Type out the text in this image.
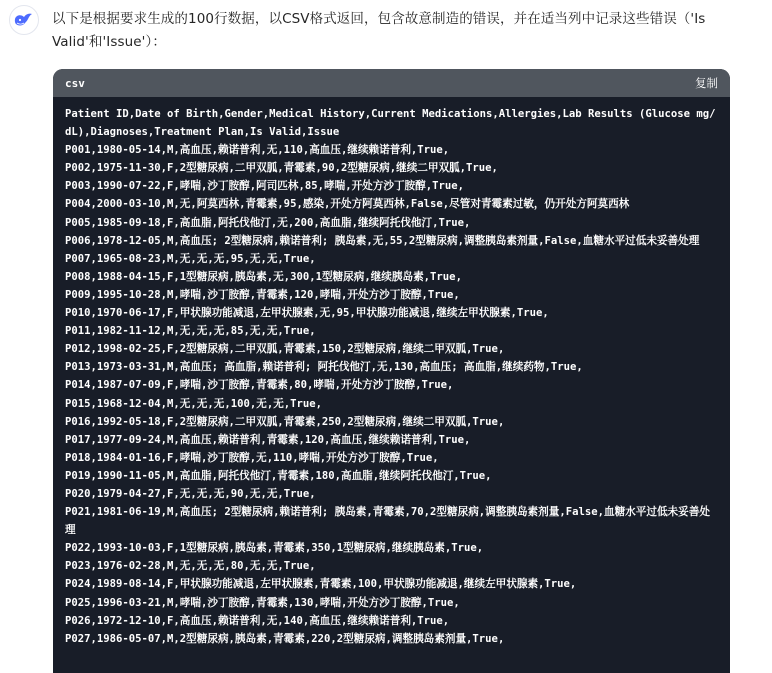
以下是根据要求生成的100行数据，以CSV格式返回，包含故意制造的错误，并在适当列中记录这些错误（'Is Valid'和'Issue'）：
csv	复制
Patient ID,Date of Birth,Gender,Medical History,Current Medications,Allergies,Lab Results (Glucose mg/dL),Diagnoses,Treatment Plan,Is Valid,Issue
P001,1980-05-14,M,高血压,赖诺普利,无,110,高血压,继续赖诺普利,True,
P002,1975-11-30,F,2型糖尿病,二甲双胍,青霉素,90,2型糖尿病,继续二甲双胍,True,
P003,1990-07-22,F,哮喘,沙丁胺醇,阿司匹林,85,哮喘,开处方沙丁胺醇,True,
P004,2000-03-10,M,无,阿莫西林,青霉素,95,感染,开处方阿莫西林,False,尽管对青霉素过敏，仍开处方阿莫西林
P005,1985-09-18,F,高血脂,阿托伐他汀,无,200,高血脂,继续阿托伐他汀,True,
P006,1978-12-05,M,高血压; 2型糖尿病,赖诺普利; 胰岛素,无,55,2型糖尿病,调整胰岛素剂量,False,血糖水平过低未妥善处理
P007,1965-08-23,M,无,无,无,95,无,无,True,
P008,1988-04-15,F,1型糖尿病,胰岛素,无,300,1型糖尿病,继续胰岛素,True,
P009,1995-10-28,M,哮喘,沙丁胺醇,青霉素,120,哮喘,开处方沙丁胺醇,True,
P010,1970-06-17,F,甲状腺功能减退,左甲状腺素,无,95,甲状腺功能减退,继续左甲状腺素,True,
P011,1982-11-12,M,无,无,无,85,无,无,True,
P012,1998-02-25,F,2型糖尿病,二甲双胍,青霉素,150,2型糖尿病,继续二甲双胍,True,
P013,1973-03-31,M,高血压; 高血脂,赖诺普利; 阿托伐他汀,无,130,高血压; 高血脂,继续药物,True,
P014,1987-07-09,F,哮喘,沙丁胺醇,青霉素,80,哮喘,开处方沙丁胺醇,True,
P015,1968-12-04,M,无,无,无,100,无,无,True,
P016,1992-05-18,F,2型糖尿病,二甲双胍,青霉素,250,2型糖尿病,继续二甲双胍,True,
P017,1977-09-24,M,高血压,赖诺普利,青霉素,120,高血压,继续赖诺普利,True,
P018,1984-01-16,F,哮喘,沙丁胺醇,无,110,哮喘,开处方沙丁胺醇,True,
P019,1990-11-05,M,高血脂,阿托伐他汀,青霉素,180,高血脂,继续阿托伐他汀,True,
P020,1979-04-27,F,无,无,无,90,无,无,True,
P021,1981-06-19,M,高血压; 2型糖尿病,赖诺普利; 胰岛素,青霉素,70,2型糖尿病,调整胰岛素剂量,False,血糖水平过低未妥善处理
P022,1993-10-03,F,1型糖尿病,胰岛素,青霉素,350,1型糖尿病,继续胰岛素,True,
P023,1976-02-28,M,无,无,无,80,无,无,True,
P024,1989-08-14,F,甲状腺功能减退,左甲状腺素,青霉素,100,甲状腺功能减退,继续左甲状腺素,True,
P025,1996-03-21,M,哮喘,沙丁胺醇,青霉素,130,哮喘,开处方沙丁胺醇,True,
P026,1972-12-10,F,高血压,赖诺普利,无,140,高血压,继续赖诺普利,True,
P027,1986-05-07,M,2型糖尿病,胰岛素,青霉素,220,2型糖尿病,调整胰岛素剂量,True,
